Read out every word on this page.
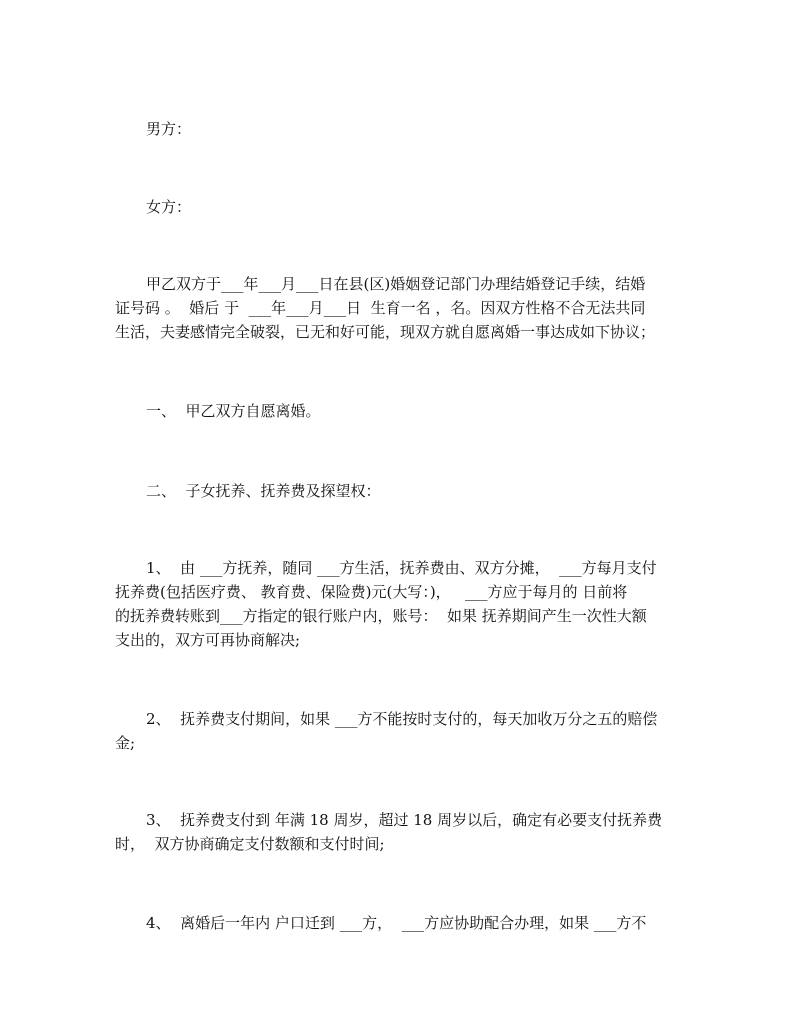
男方：

女方：

甲乙双方于___年___月___日在县(区)婚姻登记部门办理结婚登记手续，结婚
证号码 。  婚后 于  ___年___月___日  生育一名 ，名。因双方性格不合无法共同
生活，夫妻感情完全破裂，已无和好可能，现双方就自愿离婚一事达成如下协议；

一、  甲乙双方自愿离婚。

二、  子女抚养、抚养费及探望权：

1、  由 ___方抚养，随同 ___方生活，抚养费由、双方分摊，  ___方每月支付
抚养费(包括医疗费、 教育费、保险费)元(大写：)，   ___方应于每月的 日前将
的抚养费转账到___方指定的银行账户内，账号：  如果 抚养期间产生一次性大额
支出的，双方可再协商解决;

2、  抚养费支付期间，如果 ___方不能按时支付的，每天加收万分之五的赔偿
金;

3、  抚养费支付到 年满 18 周岁，超过 18 周岁以后，确定有必要支付抚养费
时，  双方协商确定支付数额和支付时间;

4、  离婚后一年内 户口迁到 ___方，  ___方应协助配合办理，如果 ___方不
